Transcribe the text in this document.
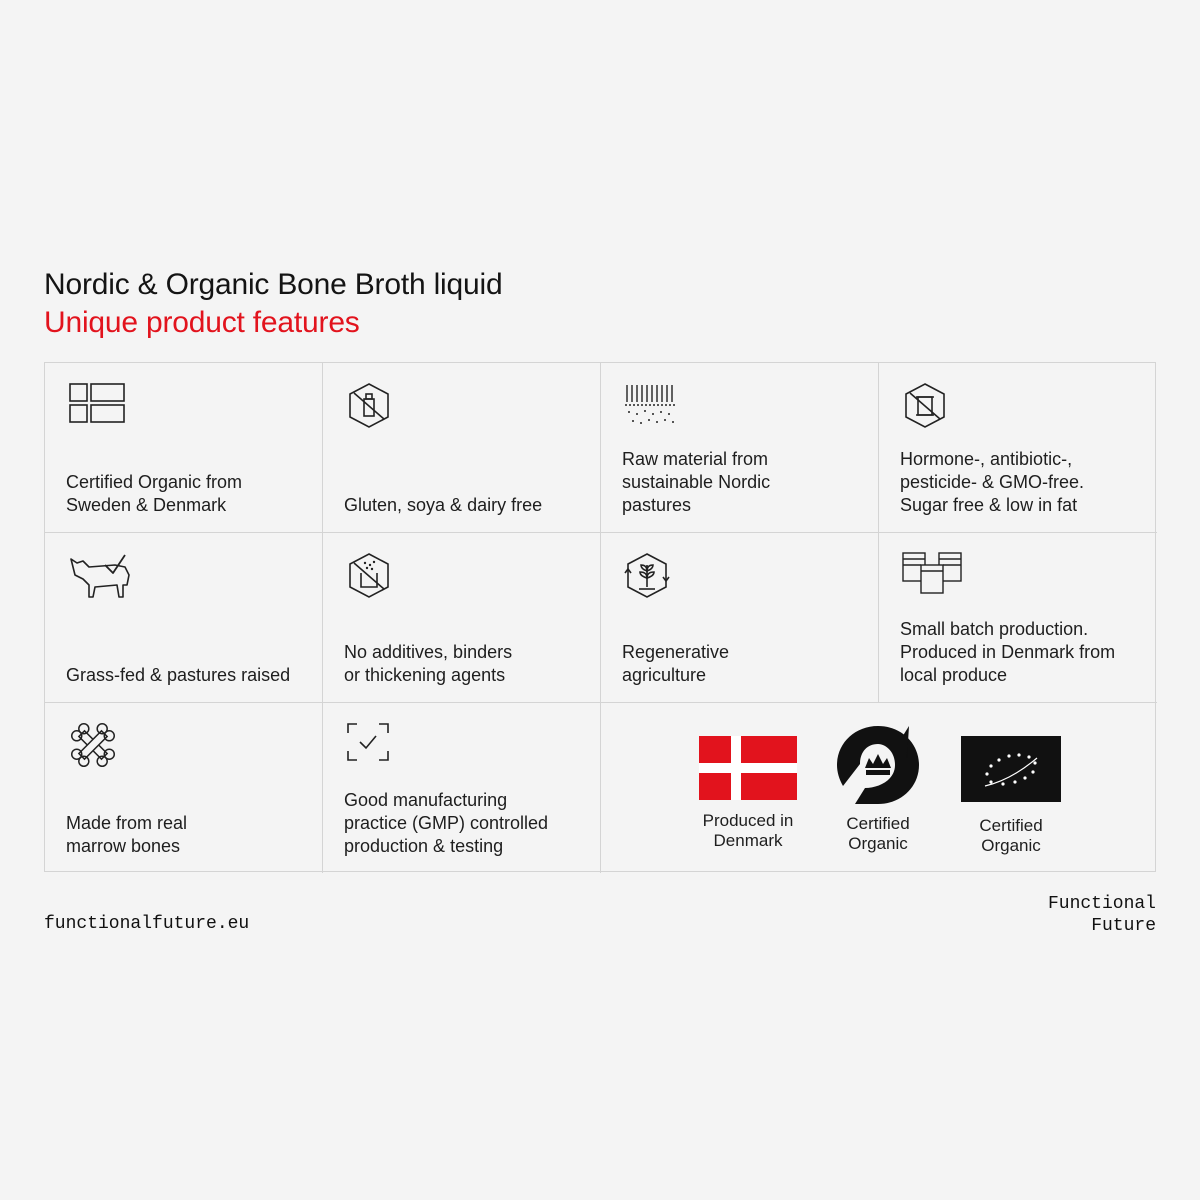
Nordic & Organic Bone Broth liquid
Unique product features
Certified Organic from
Sweden & Denmark	Gluten, soya & dairy free
Raw material from
sustainable Nordic
pastures
Hormone-, antibiotic-,
pesticide- & GMO-free.
Sugar free & low in fat
Grass-fed & pastures raised
No additives, binders
or thickening agents
Regenerative
agriculture
Small batch production.
Produced in Denmark from
local produce
Made from real
marrow bones
Good manufacturing
practice (GMP) controlled
production & testing
Produced in
Denmark
Certified
Organic
Certified
Organic
functionalfuture.eu
Functional
Future
